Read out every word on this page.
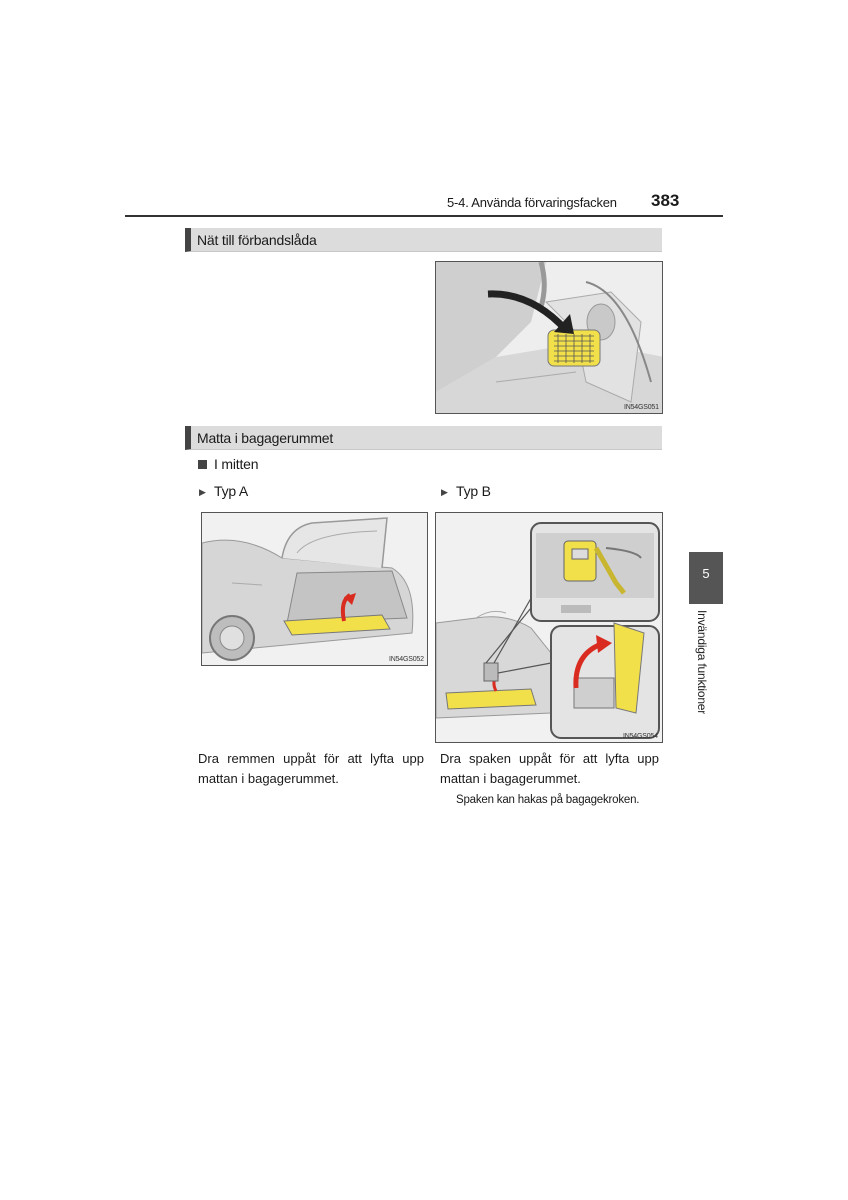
5-4. Använda förvaringsfacken 383
5
Invändiga funktioner
Nät till förbandslåda
IN54GS051
Matta i bagagerummet
I mitten
▶ Typ A	▶ Typ B
IN54GS052
IN54GS054
Dra remmen uppåt för att lyfta upp mattan i bagagerummet.
Dra spaken uppåt för att lyfta upp mattan i bagagerummet.
Spaken kan hakas på bagagekroken.
